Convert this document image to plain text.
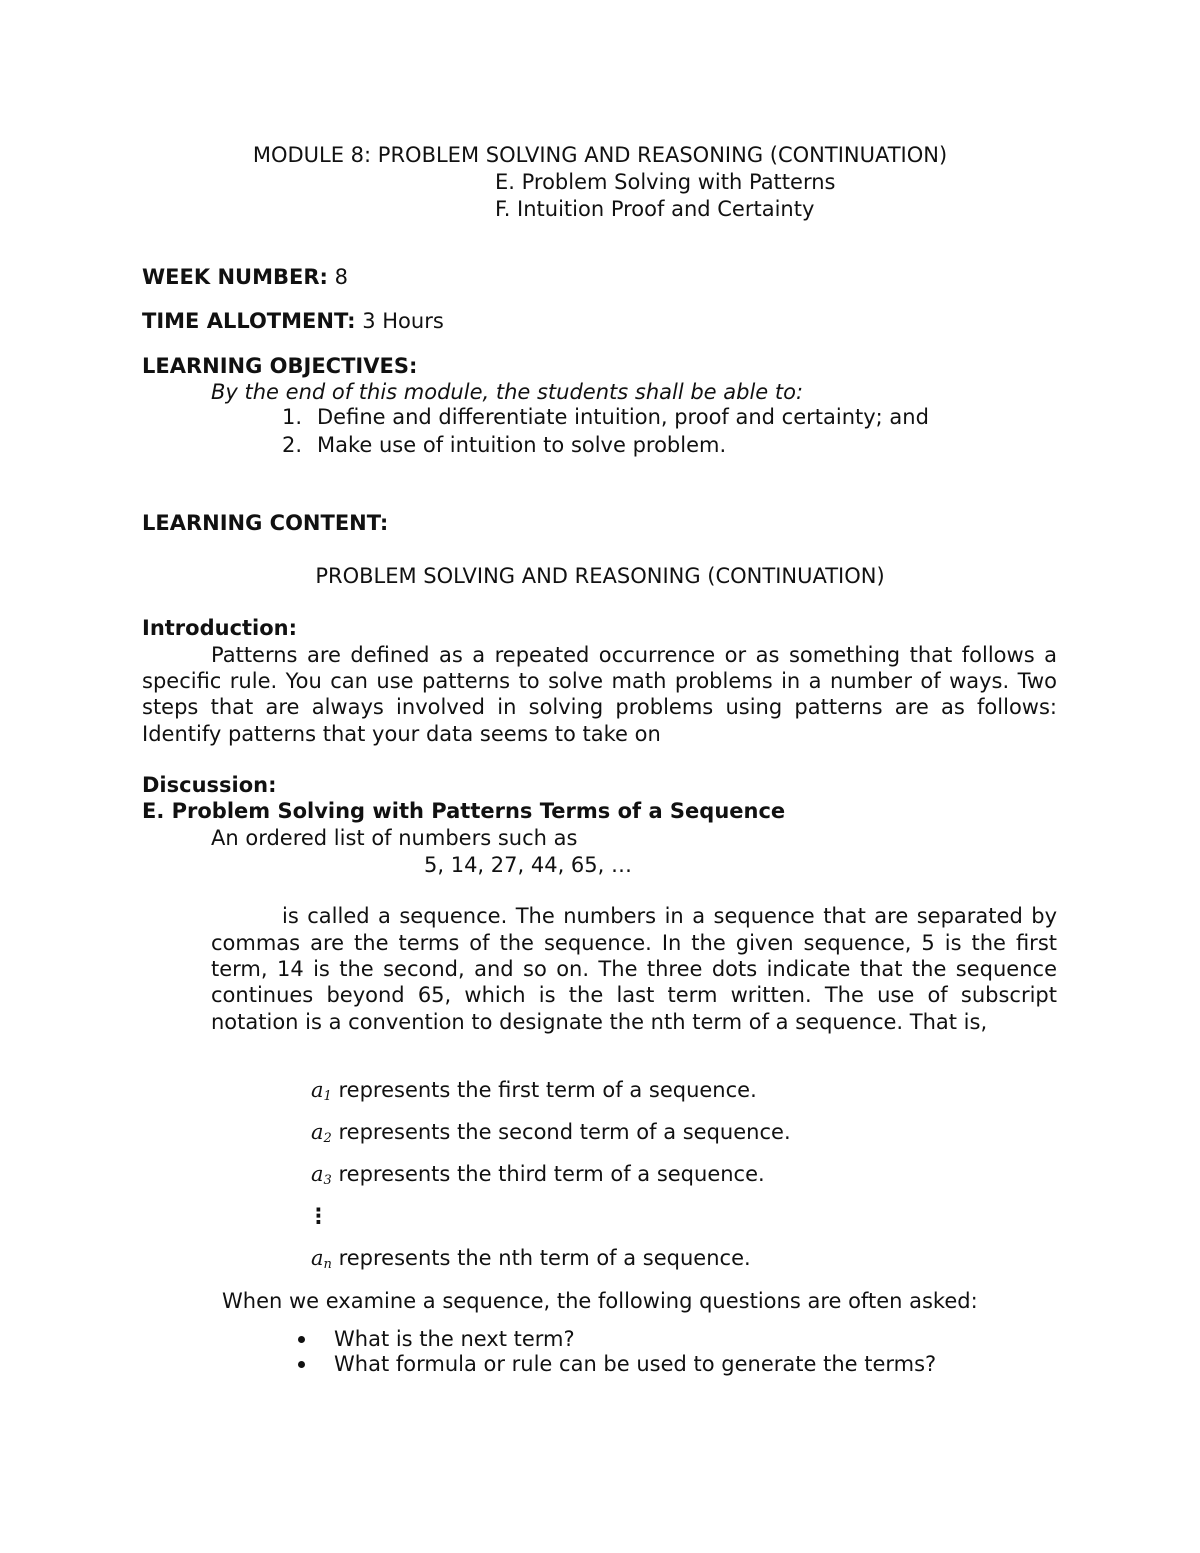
MODULE 8: PROBLEM SOLVING AND REASONING (CONTINUATION)
E. Problem Solving with Patterns
F. Intuition Proof and Certainty
WEEK NUMBER: 8
TIME ALLOTMENT: 3 Hours
LEARNING OBJECTIVES:
By the end of this module, the students shall be able to:
1. Define and differentiate intuition, proof and certainty; and
2. Make use of intuition to solve problem.
LEARNING CONTENT:
PROBLEM SOLVING AND REASONING (CONTINUATION)
Introduction:
Patterns are defined as a repeated occurrence or as something that follows a
specific rule. You can use patterns to solve math problems in a number of ways. Two
steps that are always involved in solving problems using patterns are as follows:
Identify patterns that your data seems to take on
Discussion:
E. Problem Solving with Patterns Terms of a Sequence
An ordered list of numbers such as
5, 14, 27, 44, 65, …
is called a sequence. The numbers in a sequence that are separated by
commas are the terms of the sequence. In the given sequence, 5 is the first
term, 14 is the second, and so on. The three dots indicate that the sequence
continues beyond 65, which is the last term written. The use of subscript
notation is a convention to designate the nth term of a sequence. That is,
$a_1$ represents the first term of a sequence.
$a_2$ represents the second term of a sequence.
$a_3$ represents the third term of a sequence.
⋮
$a_n$ represents the nth term of a sequence.
When we examine a sequence, the following questions are often asked:
What is the next term?
What formula or rule can be used to generate the terms?
